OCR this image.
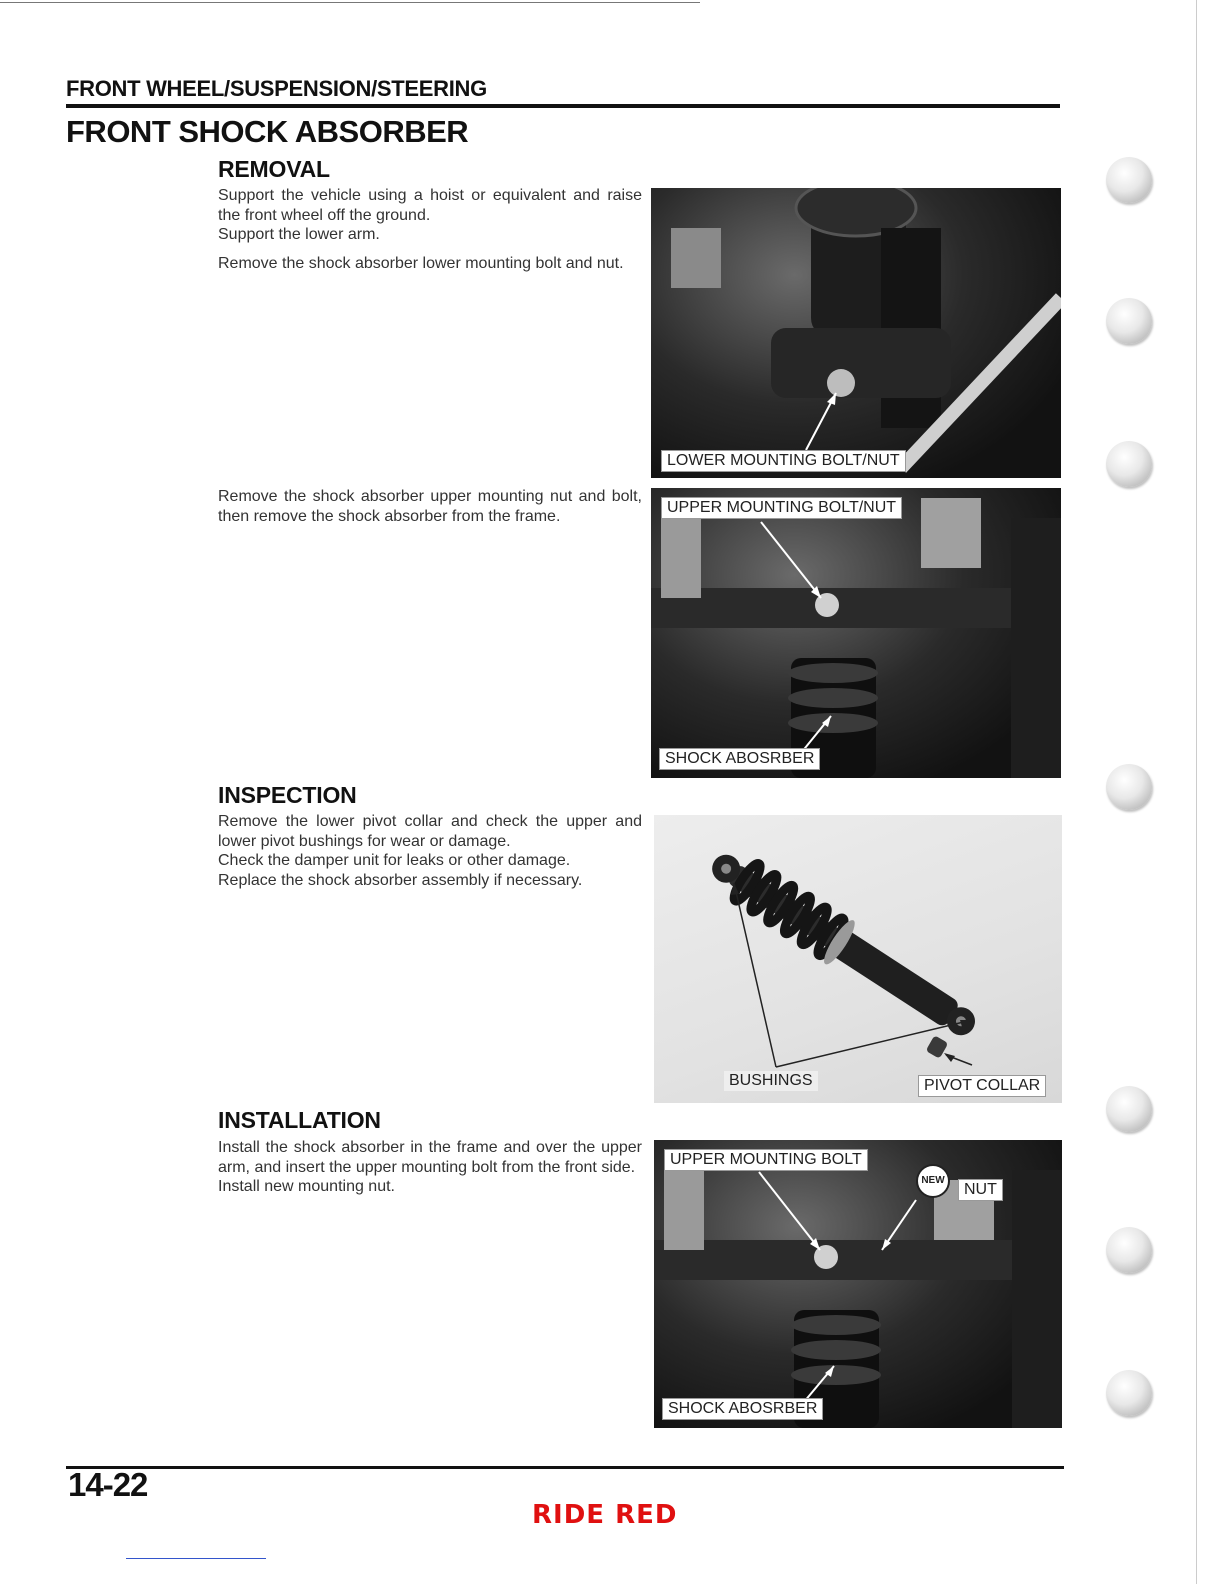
FRONT WHEEL/SUSPENSION/STEERING
FRONT SHOCK ABSORBER
REMOVAL

Support the vehicle using a hoist or equivalent and raise the front wheel off the ground.

Support the lower arm.

Remove the shock absorber lower mounting bolt and nut.
Remove the shock absorber upper mounting nut and bolt, then remove the shock absorber from the frame.
LOWER MOUNTING BOLT/NUT
UPPER MOUNTING BOLT/NUT
SHOCK ABOSRBER
INSPECTION

Remove the lower pivot collar and check the upper and lower pivot bushings for wear or damage.

Check the damper unit for leaks or other damage.

Replace the shock absorber assembly if necessary.

BUSHINGS	PIVOT COLLAR
INSTALLATION

Install the shock absorber in the frame and over the upper arm, and insert the upper mounting bolt from the front side.

Install new mounting nut.

UPPER MOUNTING BOLT
NEW
NUT
SHOCK ABOSRBER
14-22
RIDE RED
